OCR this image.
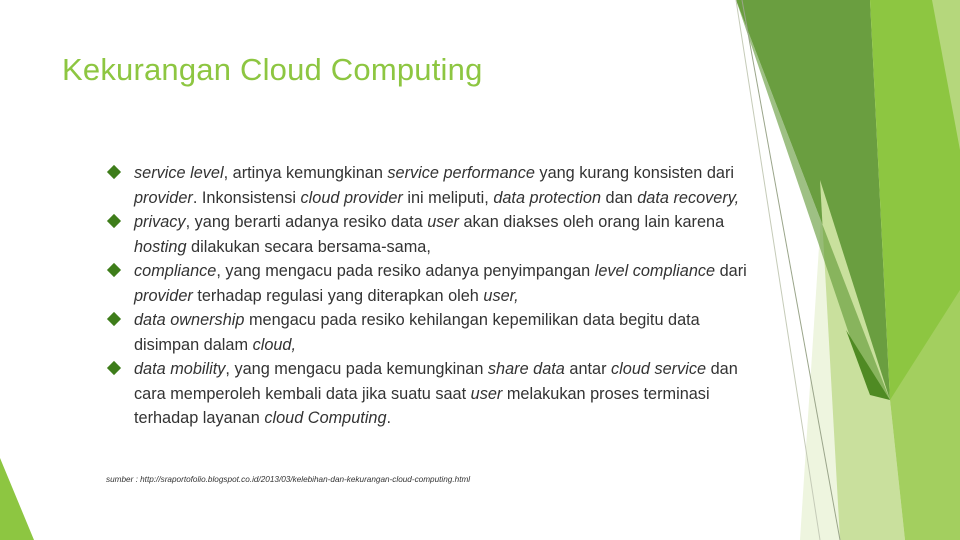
Kekurangan Cloud Computing
service level, artinya kemungkinan service performance yang kurang konsisten dari provider. Inkonsistensi cloud provider ini meliputi, data protection dan data recovery,
privacy, yang berarti adanya resiko data user akan diakses oleh orang lain karena hosting dilakukan secara bersama-sama,
compliance, yang mengacu pada resiko adanya penyimpangan level compliance dari provider terhadap regulasi yang diterapkan oleh user,
data ownership mengacu pada resiko kehilangan kepemilikan data begitu data disimpan dalam cloud,
data mobility, yang mengacu pada kemungkinan share data antar cloud service dan cara memperoleh kembali data jika suatu saat user melakukan proses terminasi terhadap layanan cloud Computing.
sumber : http://sraportofolio.blogspot.co.id/2013/03/kelebihan-dan-kekurangan-cloud-computing.html
